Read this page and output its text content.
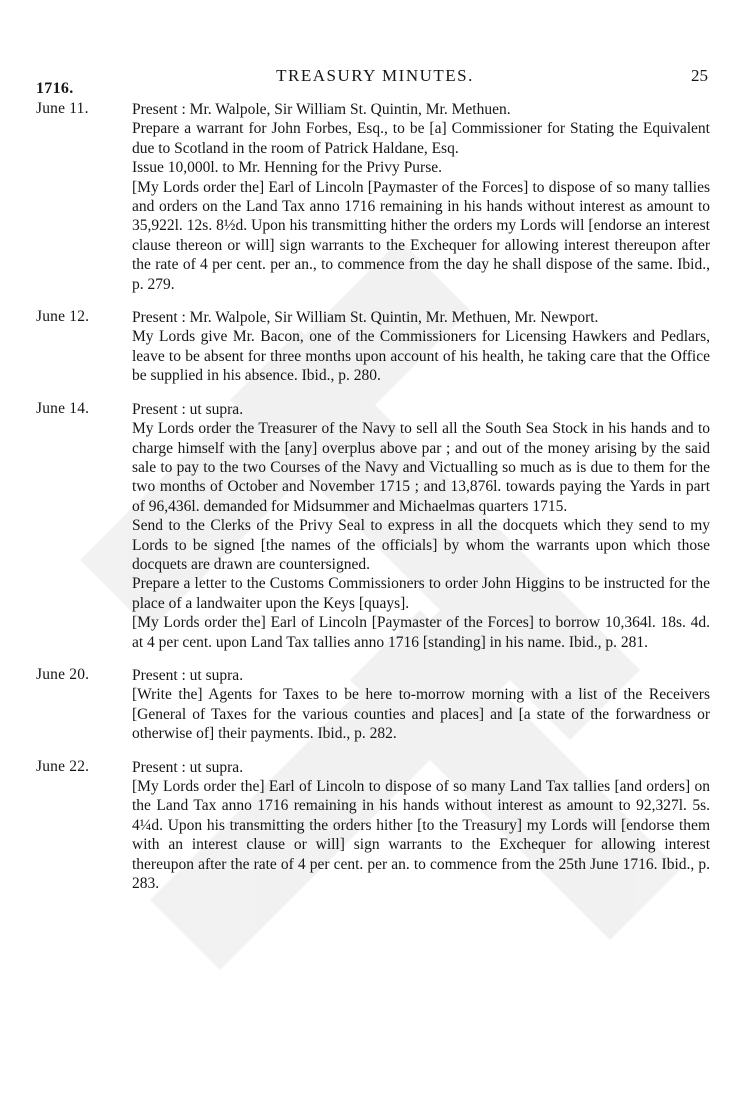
1716.
TREASURY MINUTES.	25
June 11.	Present : Mr. Walpole, Sir William St. Quintin, Mr. Methuen.

Prepare a warrant for John Forbes, Esq., to be [a] Commissioner for Stating the Equivalent due to Scotland in the room of Patrick Haldane, Esq.

Issue 10,000l. to Mr. Henning for the Privy Purse.

[My Lords order the] Earl of Lincoln [Paymaster of the Forces] to dispose of so many tallies and orders on the Land Tax anno 1716 remaining in his hands without interest as amount to 35,922l. 12s. 8½d. Upon his transmitting hither the orders my Lords will [endorse an interest clause thereon or will] sign warrants to the Exchequer for allowing interest thereupon after the rate of 4 per cent. per an., to commence from the day he shall dispose of the same. Ibid., p. 279.

June 12.	Present : Mr. Walpole, Sir William St. Quintin, Mr. Methuen, Mr. Newport.

My Lords give Mr. Bacon, one of the Commissioners for Licensing Hawkers and Pedlars, leave to be absent for three months upon account of his health, he taking care that the Office be supplied in his absence. Ibid., p. 280.

June 14.	Present : ut supra.

My Lords order the Treasurer of the Navy to sell all the South Sea Stock in his hands and to charge himself with the [any] overplus above par ; and out of the money arising by the said sale to pay to the two Courses of the Navy and Victualling so much as is due to them for the two months of October and November 1715 ; and 13,876l. towards paying the Yards in part of 96,436l. demanded for Midsummer and Michaelmas quarters 1715.

Send to the Clerks of the Privy Seal to express in all the docquets which they send to my Lords to be signed [the names of the officials] by whom the warrants upon which those docquets are drawn are countersigned.

Prepare a letter to the Customs Commissioners to order John Higgins to be instructed for the place of a landwaiter upon the Keys [quays].

[My Lords order the] Earl of Lincoln [Paymaster of the Forces] to borrow 10,364l. 18s. 4d. at 4 per cent. upon Land Tax tallies anno 1716 [standing] in his name. Ibid., p. 281.

June 20.	Present : ut supra.

[Write the] Agents for Taxes to be here to-morrow morning with a list of the Receivers [General of Taxes for the various counties and places] and [a state of the forwardness or otherwise of] their payments. Ibid., p. 282.

June 22.	Present : ut supra.

[My Lords order the] Earl of Lincoln to dispose of so many Land Tax tallies [and orders] on the Land Tax anno 1716 remaining in his hands without interest as amount to 92,327l. 5s. 4¼d. Upon his transmitting the orders hither [to the Treasury] my Lords will [endorse them with an interest clause or will] sign warrants to the Exchequer for allowing interest thereupon after the rate of 4 per cent. per an. to commence from the 25th June 1716. Ibid., p. 283.
